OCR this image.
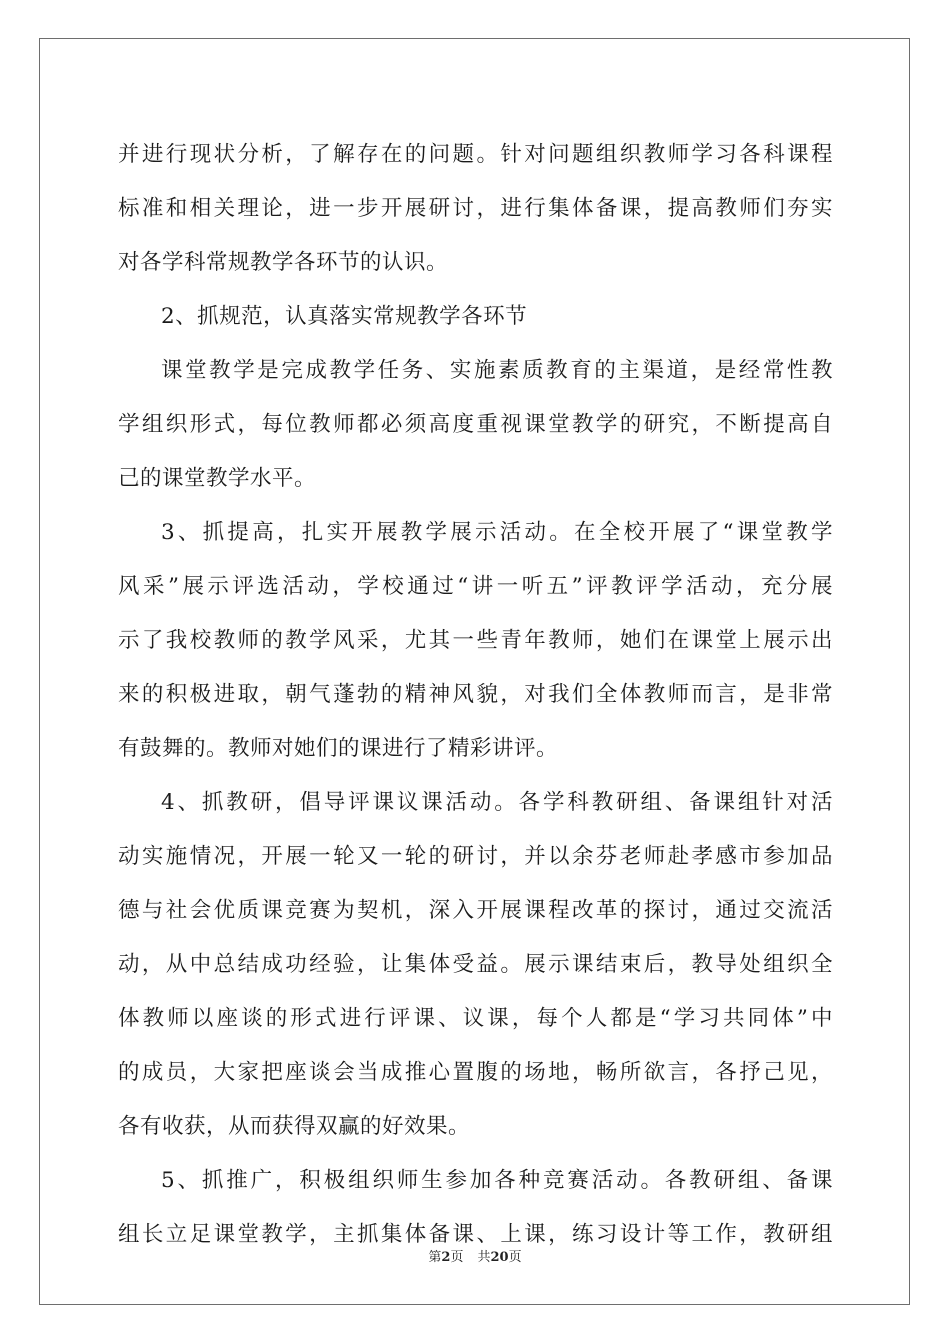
并进行现状分析，了解存在的问题。针对问题组织教师学习各科课程
标准和相关理论，进一步开展研讨，进行集体备课，提高教师们夯实
对各学科常规教学各环节的认识。
2、抓规范，认真落实常规教学各环节
课堂教学是完成教学任务、实施素质教育的主渠道，是经常性教
学组织形式，每位教师都必须高度重视课堂教学的研究，不断提高自
己的课堂教学水平。
3、抓提高，扎实开展教学展示活动。在全校开展了“课堂教学
风采”展示评选活动，学校通过“讲一听五”评教评学活动，充分展
示了我校教师的教学风采，尤其一些青年教师，她们在课堂上展示出
来的积极进取，朝气蓬勃的精神风貌，对我们全体教师而言，是非常
有鼓舞的。教师对她们的课进行了精彩讲评。
4、抓教研，倡导评课议课活动。各学科教研组、备课组针对活
动实施情况，开展一轮又一轮的研讨，并以余芬老师赴孝感市参加品
德与社会优质课竞赛为契机，深入开展课程改革的探讨，通过交流活
动，从中总结成功经验，让集体受益。展示课结束后，教导处组织全
体教师以座谈的形式进行评课、议课，每个人都是“学习共同体”中
的成员，大家把座谈会当成推心置腹的场地，畅所欲言，各抒己见，
各有收获，从而获得双赢的好效果。
5、抓推广，积极组织师生参加各种竞赛活动。各教研组、备课
组长立足课堂教学，主抓集体备课、上课，练习设计等工作，教研组
第2页 共20页
